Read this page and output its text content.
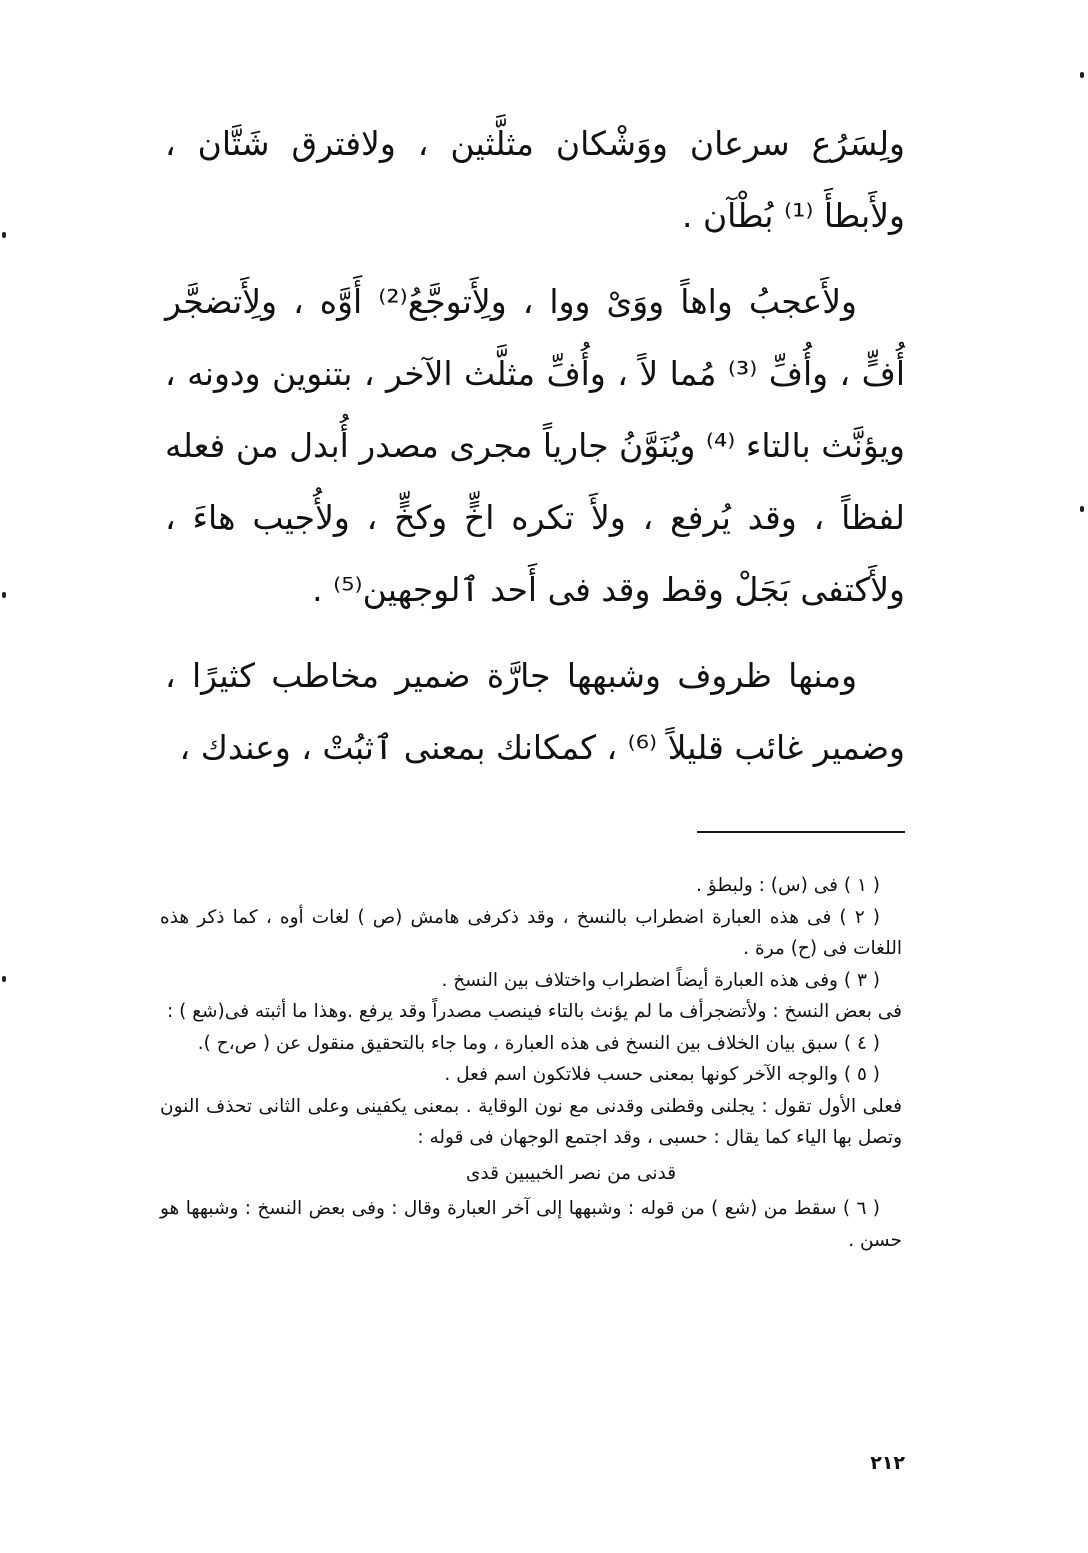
ولِسَرُع سرعان ووَشْكان مثلَّثين ، ولافترق شَتَّان ، ولأَبطأَ ⁽¹⁾ بُطْآن .

ولأَعجبُ واهاً ووَىْ ووا ، ولِأَتوجَّعُ⁽²⁾ أَوَّه ، ولِأَتضجَّر أُفٍّ ، وأُفِّ ⁽³⁾ مُما لاً ، وأُفِّ مثلَّث الآخر ، بتنوين ودونه ، ويؤنَّث بالتاء ⁽⁴⁾ ويُنَوَّنُ جارياً مجرى مصدر أُبدل من فعله لفظاً ، وقد يُرفع ، ولأَ تكره اخٍّ وكخٍّ ، ولأُجيب هاءَ ، ولأَكتفى بَجَلْ وقط وقد فى أَحد ٱلوجهين⁽⁵⁾ .

ومنها ظروف وشبهها جارَّة ضمير مخاطب كثيرًا ، وضمير غائب قليلاً ⁽⁶⁾ ، كمكانك بمعنى ٱثبُتْ ، وعندك ،

( ١ ) فى (س) : ولبطؤ .

( ٢ ) فى هذه العبارة اضطراب بالنسخ ، وقد ذكرفى هامش (ص ) لغات أوه ، كما ذكر هذه اللغات فى (ح) مرة .

( ٣ ) وفى هذه العبارة أيضاً اضطراب واختلاف بين النسخ .

فى بعض النسخ : ولأتضجرأف ما لم يؤنث بالتاء فينصب مصدراً وقد يرفع .وهذا ما أثبته فى(شع ) :

( ٤ ) سبق بيان الخلاف بين النسخ فى هذه العبارة ، وما جاء بالتحقيق منقول عن ( ص،ح ).

( ٥ ) والوجه الآخر كونها بمعنى حسب فلاتكون اسم فعل .

فعلى الأول تقول : يجلنى وقطنى وقدنى مع نون الوقاية . بمعنى يكفينى وعلى الثانى تحذف النون وتصل بها الياء كما يقال : حسبى ، وقد اجتمع الوجهان فى قوله :

قدنى من نصر الخبيبين قدى

( ٦ ) سقط من (شع ) من قوله : وشبهها إلى آخر العبارة وقال : وفى بعض النسخ : وشبهها هو حسن .

٢١٢
